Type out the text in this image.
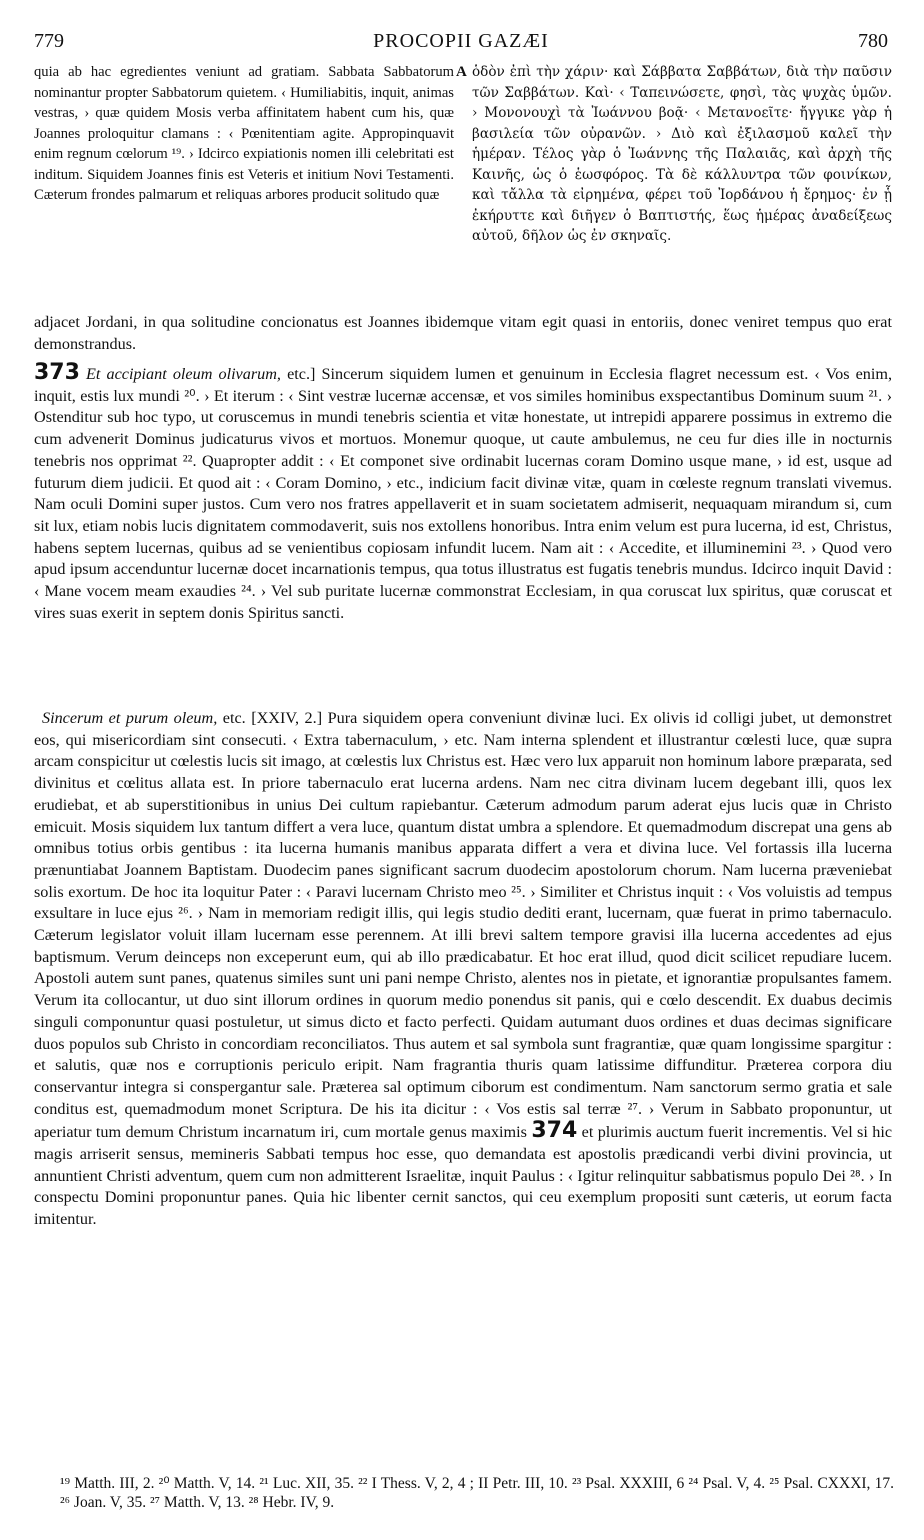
779	PROCOPII GAZÆI	780

quia ab hac egredientes veniunt ad gratiam. Sabbata Sabbatorum nominantur propter Sabbatorum quietem. ‹ Humiliabitis, inquit, animas vestras, › quæ quidem Mosis verba affinitatem habent cum his, quæ Joannes proloquitur clamans : ‹ Pœnitentiam agite. Appropinquavit enim regnum cœlorum ¹⁹. › Idcirco expiationis nomen illi celebritati est inditum. Siquidem Joannes finis est Veteris et initium Novi Testamenti. Cæterum frondes palmarum et reliquas arbores producit solitudo quæ

A ὁδὸν ἐπὶ τὴν χάριν· καὶ Σάββατα Σαββάτων, διὰ τὴν παῦσιν τῶν Σαββάτων. Καὶ· ‹ Ταπεινώσετε, φησὶ, τὰς ψυχὰς ὑμῶν. › Μονονουχὶ τὰ Ἰωάννου βοᾷ· ‹ Μετανοεῖτε· ἤγγικε γὰρ ἡ βασιλεία τῶν οὐρανῶν. › Διὸ καὶ ἐξιλασμοῦ καλεῖ τὴν ἡμέραν. Τέλος γὰρ ὁ Ἰωάννης τῆς Παλαιᾶς, καὶ ἀρχὴ τῆς Καινῆς, ὡς ὁ ἑωσφόρος. Τὰ δὲ κάλλυντρα τῶν φοινίκων, καὶ τἄλλα τὰ εἰρημένα, φέρει τοῦ Ἰορδάνου ἡ ἔρημος· ἐν ᾗ ἐκήρυττε καὶ διῆγεν ὁ Βαπτιστής, ἕως ἡμέρας ἀναδείξεως αὐτοῦ, δῆλον ὡς ἐν σκηναῖς.

adjacet Jordani, in qua solitudine concionatus est Joannes ibidemque vitam egit quasi in entoriis, donec veniret tempus quo erat demonstrandus.

373 Et accipiant oleum olivarum, etc.] Sincerum siquidem lumen et genuinum in Ecclesia flagret necessum est. ‹ Vos enim, inquit, estis lux mundi ²⁰. › Et iterum : ‹ Sint vestræ lucernæ accensæ, et vos similes hominibus exspectantibus Dominum suum ²¹. › Ostenditur sub hoc typo, ut coruscemus in mundi tenebris scientia et vitæ honestate, ut intrepidi apparere possimus in extremo die cum advenerit Dominus judicaturus vivos et mortuos. Monemur quoque, ut caute ambulemus, ne ceu fur dies ille in nocturnis tenebris nos opprimat ²². Quapropter addit : ‹ Et componet sive ordinabit lucernas coram Domino usque mane, › id est, usque ad futurum diem judicii. Et quod ait : ‹ Coram Domino, › etc., indicium facit divinæ vitæ, quam in cœleste regnum translati vivemus. Nam oculi Domini super justos. Cum vero nos fratres appellaverit et in suam societatem admiserit, nequaquam mirandum si, cum sit lux, etiam nobis lucis dignitatem commodaverit, suis nos extollens honoribus. Intra enim velum est pura lucerna, id est, Christus, habens septem lucernas, quibus ad se venientibus copiosam infundit lucem. Nam ait : ‹ Accedite, et illuminemini ²³. › Quod vero apud ipsum accenduntur lucernæ docet incarnationis tempus, qua totus illustratus est fugatis tenebris mundus. Idcirco inquit David : ‹ Mane vocem meam exaudies ²⁴. › Vel sub puritate lucernæ commonstrat Ecclesiam, in qua coruscat lux spiritus, quæ coruscat et vires suas exerit in septem donis Spiritus sancti.

Sincerum et purum oleum, etc. [XXIV, 2.] Pura siquidem opera conveniunt divinæ luci. Ex olivis id colligi jubet, ut demonstret eos, qui misericordiam sint consecuti. ‹ Extra tabernaculum, › etc. Nam interna splendent et illustrantur cœlesti luce, quæ supra arcam conspicitur ut cœlestis lucis sit imago, at cœlestis lux Christus est. Hæc vero lux apparuit non hominum labore præparata, sed divinitus et cœlitus allata est. In priore tabernaculo erat lucerna ardens. Nam nec citra divinam lucem degebant illi, quos lex erudiebat, et ab superstitionibus in unius Dei cultum rapiebantur. Cæterum admodum parum aderat ejus lucis quæ in Christo emicuit. Mosis siquidem lux tantum differt a vera luce, quantum distat umbra a splendore. Et quemadmodum discrepat una gens ab omnibus totius orbis gentibus : ita lucerna humanis manibus apparata differt a vera et divina luce. Vel fortassis illa lucerna prænuntiabat Joannem Baptistam. Duodecim panes significant sacrum duodecim apostolorum chorum. Nam lucerna præveniebat solis exortum. De hoc ita loquitur Pater : ‹ Paravi lucernam Christo meo ²⁵. › Similiter et Christus inquit : ‹ Vos voluistis ad tempus exsultare in luce ejus ²⁶. › Nam in memoriam redigit illis, qui legis studio dediti erant, lucernam, quæ fuerat in primo tabernaculo. Cæterum legislator voluit illam lucernam esse perennem. At illi brevi saltem tempore gravisi illa lucerna accedentes ad ejus baptismum. Verum deinceps non exceperunt eum, qui ab illo prædicabatur. Et hoc erat illud, quod dicit scilicet repudiare lucem. Apostoli autem sunt panes, quatenus similes sunt uni pani nempe Christo, alentes nos in pietate, et ignorantiæ propulsantes famem. Verum ita collocantur, ut duo sint illorum ordines in quorum medio ponendus sit panis, qui e cœlo descendit. Ex duabus decimis singuli componuntur quasi postuletur, ut simus dicto et facto perfecti. Quidam autumant duos ordines et duas decimas significare duos populos sub Christo in concordiam reconciliatos. Thus autem et sal symbola sunt fragrantiæ, quæ quam longissime spargitur : et salutis, quæ nos e corruptionis periculo eripit. Nam fragrantia thuris quam latissime diffunditur. Præterea corpora diu conservantur integra si conspergantur sale. Præterea sal optimum ciborum est condimentum. Nam sanctorum sermo gratia et sale conditus est, quemadmodum monet Scriptura. De his ita dicitur : ‹ Vos estis sal terræ ²⁷. › Verum in Sabbato proponuntur, ut aperiatur tum demum Christum incarnatum iri, cum mortale genus maximis 374 et plurimis auctum fuerit incrementis. Vel si hic magis arriserit sensus, memineris Sabbati tempus hoc esse, quo demandata est apostolis prædicandi verbi divini provincia, ut annuntient Christi adventum, quem cum non admitterent Israelitæ, inquit Paulus : ‹ Igitur relinquitur sabbatismus populo Dei ²⁸. › In conspectu Domini proponuntur panes. Quia hic libenter cernit sanctos, qui ceu exemplum propositi sunt cæteris, ut eorum facta imitentur.

¹⁹ Matth. III, 2. ²⁰ Matth. V, 14. ²¹ Luc. XII, 35. ²² I Thess. V, 2, 4 ; II Petr. III, 10. ²³ Psal. XXXIII, 6 ²⁴ Psal. V, 4. ²⁵ Psal. CXXXI, 17. ²⁶ Joan. V, 35. ²⁷ Matth. V, 13. ²⁸ Hebr. IV, 9.
